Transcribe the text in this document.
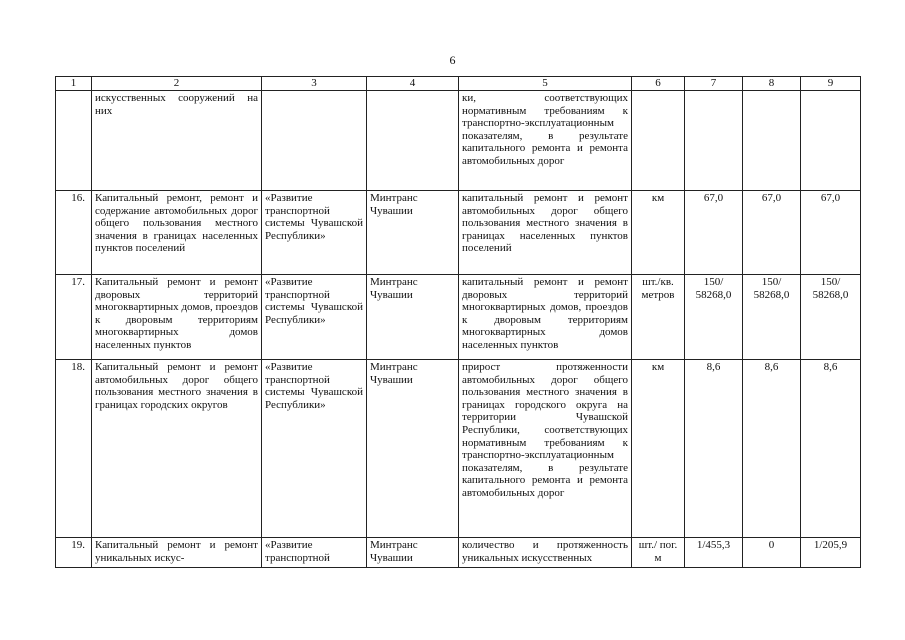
6
1	2	3	4	5	6	7	8	9
	искусственных сооружений на них			ки, соответствующих нормативным требованиям к транспортно-эксплуатационным показателям, в результате капитального ремонта и ремонта автомобильных дорог				
16.	Капитальный ремонт, ремонт и содержание автомобильных дорог общего пользования местного значения в границах населенных пунктов поселений	«Развитие транспортной системы Чувашской Республики»	Минтранс Чувашии	капитальный ремонт и ремонт автомобильных дорог общего пользования местного значения в границах населенных пунктов поселений	км	67,0	67,0	67,0
17.	Капитальный ремонт и ремонт дворовых территорий многоквартирных домов, проездов к дворовым территориям многоквартирных домов населенных пунктов	«Развитие транспортной системы Чувашской Республики»	Минтранс Чувашии	капитальный ремонт и ремонт дворовых территорий многоквартирных домов, проездов к дворовым территориям многоквартирных домов населенных пунктов	шт./кв. метров	150/ 58268,0	150/ 58268,0	150/ 58268,0
18.	Капитальный ремонт и ремонт автомобильных дорог общего пользования местного значения в границах городских округов	«Развитие транспортной системы Чувашской Республики»	Минтранс Чувашии	прирост протяженности автомобильных дорог общего пользования местного значения в границах городского округа на территории Чувашской Республики, соответствующих нормативным требованиям к транспортно-эксплуатационным показателям, в результате капитального ремонта и ремонта автомобильных дорог	км	8,6	8,6	8,6
19.	Капитальный ремонт и ремонт уникальных искус-	«Развитие транспортной	Минтранс Чувашии	количество и протяженность уникальных искусственных	шт./ пог. м	1/455,3	0	1/205,9
